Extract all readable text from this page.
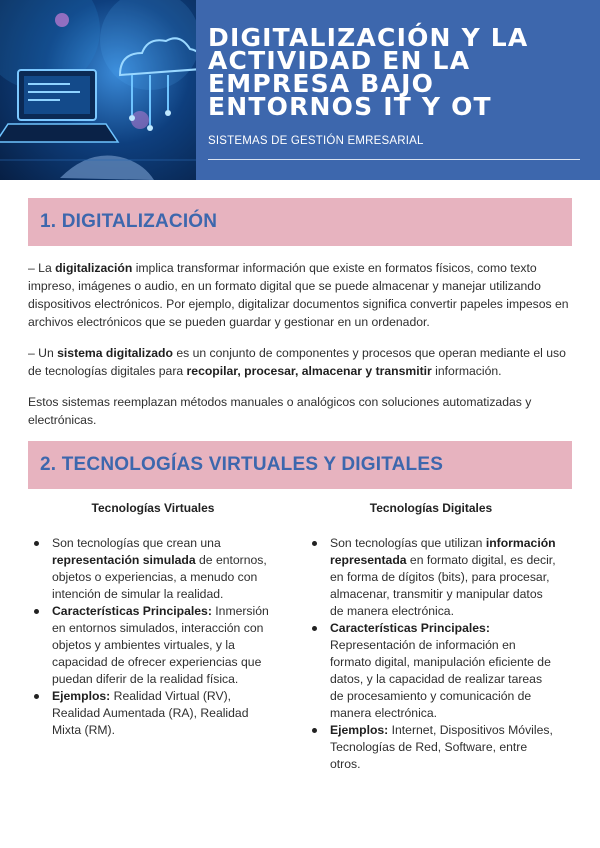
DIGITALIZACIÓN Y LA ACTIVIDAD EN LA EMPRESA BAJO ENTORNOS IT Y OT
SISTEMAS DE GESTIÓN EMRESARIAL
1. DIGITALIZACIÓN

– La digitalización implica transformar información que existe en formatos físicos, como texto impreso, imágenes o audio, en un formato digital que se puede almacenar y manejar utilizando dispositivos electrónicos. Por ejemplo, digitalizar documentos significa convertir papeles impesos en archivos electrónicos que se pueden guardar y gestionar en un ordenador.

– Un sistema digitalizado es un conjunto de componentes y procesos que operan mediante el uso de tecnologías digitales para recopilar, procesar, almacenar y transmitir información.

Estos sistemas reemplazan métodos manuales o analógicos con soluciones automatizadas y electrónicas.

2. TECNOLOGÍAS VIRTUALES Y DIGITALES
Tecnologías Virtuales
Son tecnologías que crean una representación simulada de entornos, objetos o experiencias, a menudo con intención de simular la realidad.
Características Principales: Inmersión en entornos simulados, interacción con objetos y ambientes virtuales, y la capacidad de ofrecer experiencias que puedan diferir de la realidad física.
Ejemplos: Realidad Virtual (RV), Realidad Aumentada (RA), Realidad Mixta (RM).
Tecnologías Digitales
Son tecnologías que utilizan información representada en formato digital, es decir, en forma de dígitos (bits), para procesar, almacenar, transmitir y manipular datos de manera electrónica.
Características Principales: Representación de información en formato digital, manipulación eficiente de datos, y la capacidad de realizar tareas de procesamiento y comunicación de manera electrónica.
Ejemplos: Internet, Dispositivos Móviles, Tecnologías de Red, Software, entre otros.
